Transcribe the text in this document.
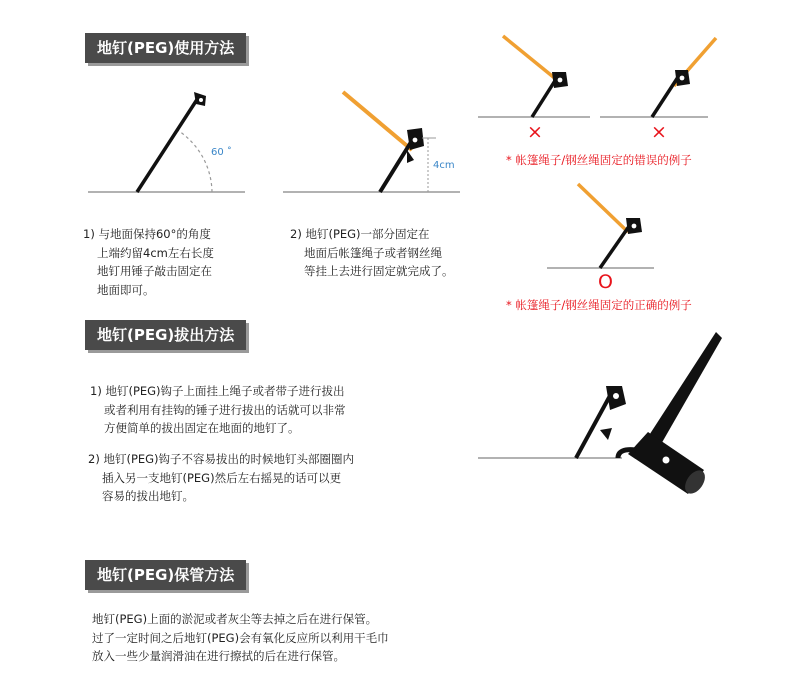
地钉(PEG)使用方法
60 ˚
4cm
×	×
O
* 帐篷绳子/钢丝绳固定的错误的例子
* 帐篷绳子/钢丝绳固定的正确的例子
1) 与地面保持60°的角度
上端约留4cm左右长度
地钉用锤子敲击固定在
地面即可。
2) 地钉(PEG)一部分固定在
地面后帐篷绳子或者钢丝绳
等挂上去进行固定就完成了。
地钉(PEG)拔出方法
1) 地钉(PEG)钩子上面挂上绳子或者带子进行拔出
或者利用有挂钩的锤子进行拔出的话就可以非常
方便简单的拔出固定在地面的地钉了。
2) 地钉(PEG)钩子不容易拔出的时候地钉头部圈圈内
插入另一支地钉(PEG)然后左右摇晃的话可以更
容易的拔出地钉。
地钉(PEG)保管方法
地钉(PEG)上面的淤泥或者灰尘等去掉之后在进行保管。
过了一定时间之后地钉(PEG)会有氧化反应所以利用干毛巾
放入一些少量润滑油在进行擦拭的后在进行保管。
